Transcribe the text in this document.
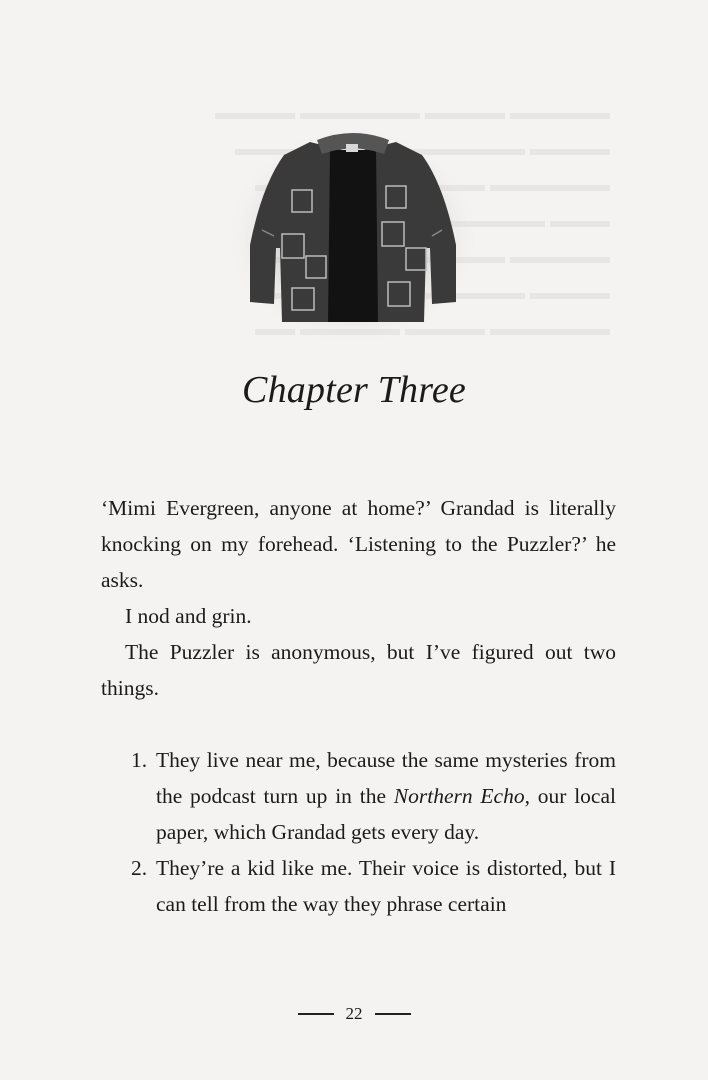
▬▬▬▬▬ ▬▬▬▬ ▬▬▬▬▬▬ ▬▬▬▬
▬▬▬▬ ▬▬▬▬▬▬
▬▬▬▬▬▬
▬▬▬ ▬▬▬▬▬▬
▬▬▬▬▬
▬▬▬▬ ▬▬▬▬▬
▬▬▬▬▬▬ ▬▬▬▬ ▬▬▬▬▬ ▬▬
Chapter Three

‘Mimi Evergreen, anyone at home?’ Grandad is literally knocking on my forehead. ‘Listening to the Puzzler?’ he asks.

I nod and grin.

The Puzzler is anonymous, but I’ve figured out two things.

1. They live near me, because the same mysteries from the podcast turn up in the Northern Echo, our local paper, which Grandad gets every day.
2. They’re a kid like me. Their voice is distorted, but I can tell from the way they phrase certain
22
